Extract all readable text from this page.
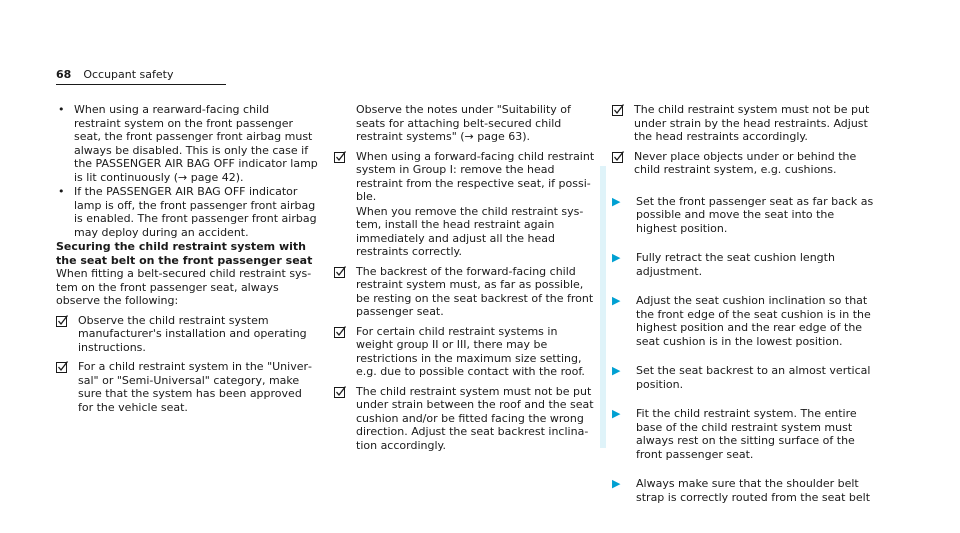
68 Occupant safety
• When using a rearward-facing child restraint system on the front passenger seat, the front passenger front airbag must always be disabled. This is only the case if the PASSENGER AIR BAG OFF indicator lamp is lit continuously (→ page 42).

• If the PASSENGER AIR BAG OFF indicator lamp is off, the front passenger front airbag is enabled. The front passenger front airbag may deploy during an accident.

Securing the child restraint system with the seat belt on the front passenger seat

When fitting a belt-secured child restraint system on the front passenger seat, always observe the following:

Observe the child restraint system manufacturer's installation and operating instructions.

For a child restraint system in the "Universal" or "Semi-Universal" category, make sure that the system has been approved for the vehicle seat.

Observe the notes under "Suitability of seats for attaching belt-secured child restraint systems" (→ page 63).

When using a forward-facing child restraint system in Group I: remove the head restraint from the respective seat, if possible.

When you remove the child restraint system, install the head restraint again immediately and adjust all the head restraints correctly.

The backrest of the forward-facing child restraint system must, as far as possible, be resting on the seat backrest of the front passenger seat.

For certain child restraint systems in weight group II or III, there may be restrictions in the maximum size setting, e.g. due to possible contact with the roof.

The child restraint system must not be put under strain between the roof and the seat cushion and/or be fitted facing the wrong direction. Adjust the seat backrest inclination accordingly.

The child restraint system must not be put under strain by the head restraints. Adjust the head restraints accordingly.

Never place objects under or behind the child restraint system, e.g. cushions.

▶	Set the front passenger seat as far back as possible and move the seat into the highest position.

▶	Fully retract the seat cushion length adjustment.

▶	Adjust the seat cushion inclination so that the front edge of the seat cushion is in the highest position and the rear edge of the seat cushion is in the lowest position.

▶	Set the seat backrest to an almost vertical position.

▶	Fit the child restraint system. The entire base of the child restraint system must always rest on the sitting surface of the front passenger seat.

▶	Always make sure that the shoulder belt strap is correctly routed from the seat belt
